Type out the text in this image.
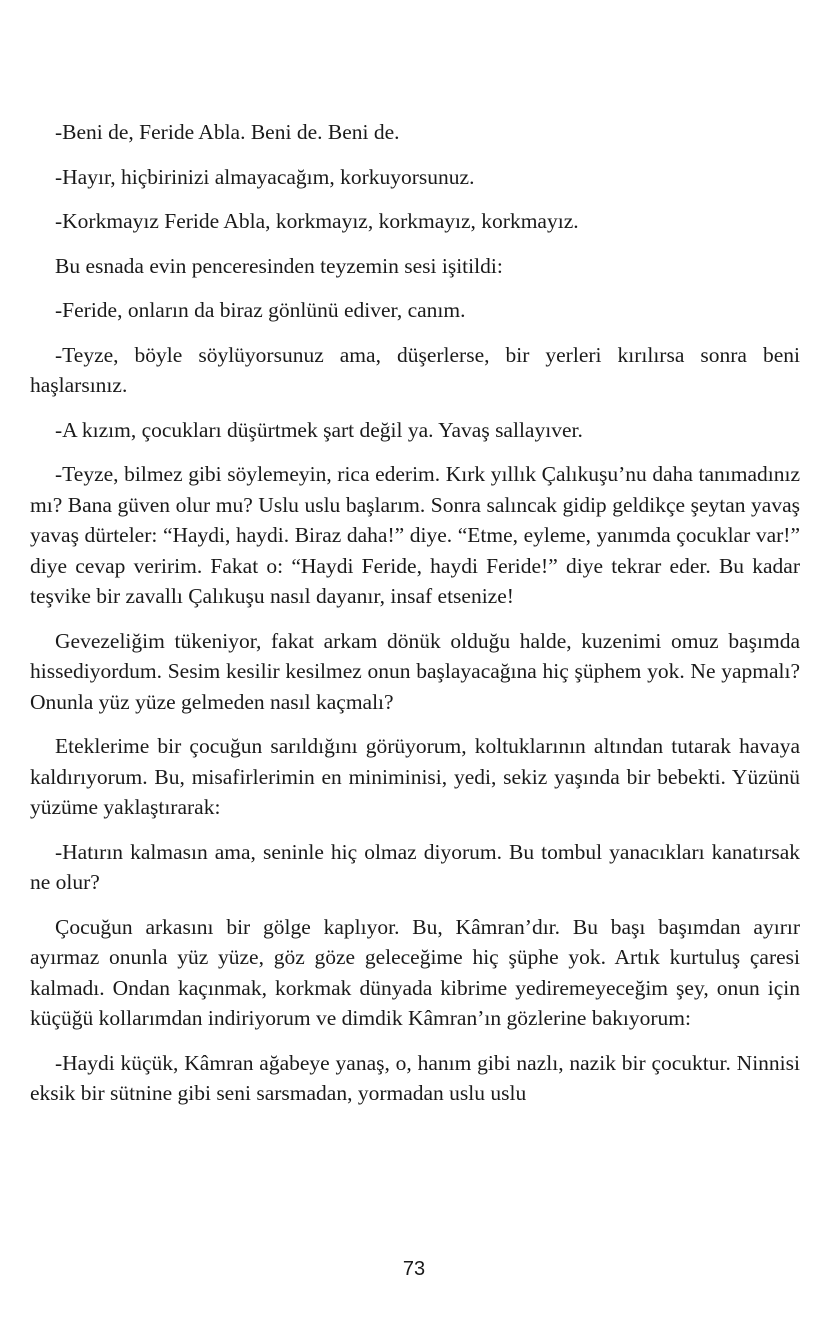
-Beni de, Feride Abla. Beni de. Beni de.

-Hayır, hiçbirinizi almayacağım, korkuyorsunuz.

-Korkmayız Feride Abla, korkmayız, korkmayız, korkmayız.

Bu esnada evin penceresinden teyzemin sesi işitildi:

-Feride, onların da biraz gönlünü ediver, canım.

-Teyze, böyle söylüyorsunuz ama, düşerlerse, bir yerleri kırılırsa sonra beni haşlarsınız.

-A kızım, çocukları düşürtmek şart değil ya. Yavaş sallayıver.

-Teyze, bilmez gibi söylemeyin, rica ederim. Kırk yıllık Çalıkuşu’nu daha tanımadınız mı? Bana güven olur mu? Uslu uslu başlarım. Sonra salıncak gidip geldikçe şeytan yavaş yavaş dürteler: “Haydi, haydi. Biraz daha!” diye. “Etme, eyleme, yanımda çocuklar var!” diye cevap veririm. Fakat o: “Haydi Feride, haydi Feride!” diye tekrar eder. Bu kadar teşvike bir zavallı Çalıkuşu nasıl dayanır, insaf etsenize!

Gevezeliğim tükeniyor, fakat arkam dönük olduğu halde, kuzenimi omuz başımda hissediyordum. Sesim kesilir kesilmez onun başlayacağına hiç şüphem yok. Ne yapmalı? Onunla yüz yüze gelmeden nasıl kaçmalı?

Eteklerime bir çocuğun sarıldığını görüyorum, koltuklarının altından tutarak havaya kaldırıyorum. Bu, misafirlerimin en miniminisi, yedi, sekiz yaşında bir bebekti. Yüzünü yüzüme yaklaştırarak:

-Hatırın kalmasın ama, seninle hiç olmaz diyorum. Bu tombul yanacıkları kanatırsak ne olur?

Çocuğun arkasını bir gölge kaplıyor. Bu, Kâmran’dır. Bu başı başımdan ayırır ayırmaz onunla yüz yüze, göz göze geleceğime hiç şüphe yok. Artık kurtuluş çaresi kalmadı. Ondan kaçınmak, korkmak dünyada kibrime yediremeyeceğim şey, onun için küçüğü kollarımdan indiriyorum ve dimdik Kâmran’ın gözlerine bakıyorum:

-Haydi küçük, Kâmran ağabeye yanaş, o, hanım gibi nazlı, nazik bir çocuktur. Ninnisi eksik bir sütnine gibi seni sarsmadan, yormadan uslu uslu

73
